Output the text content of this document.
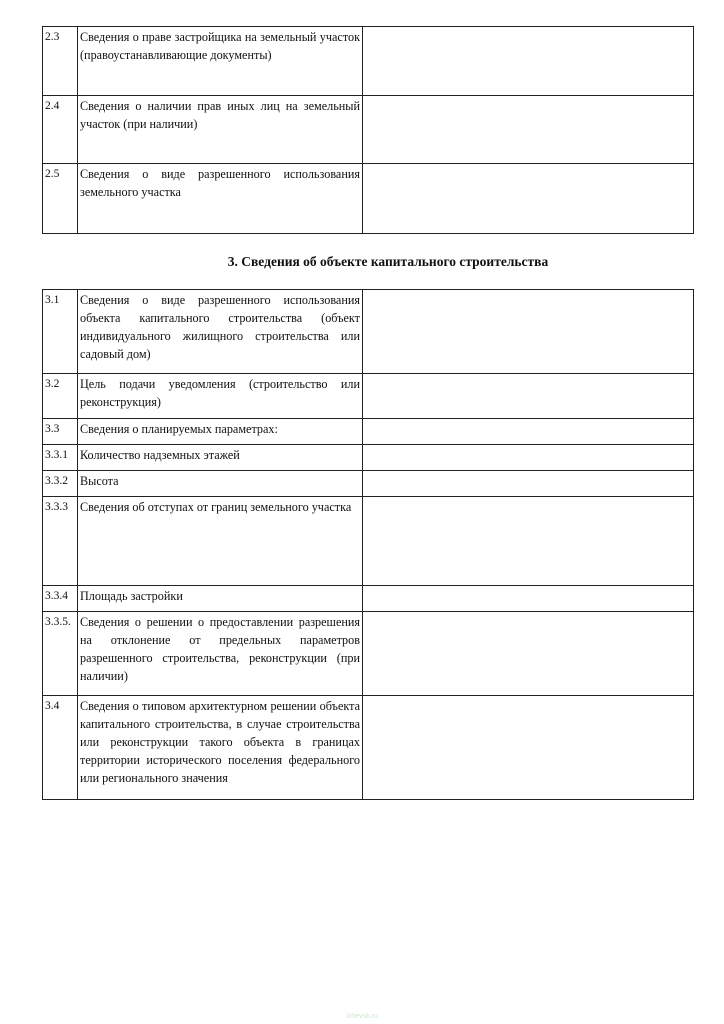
2.3	Сведения о праве застройщика на земельный участок (правоустанавливающие документы)	
2.4	Сведения о наличии прав иных лиц на земельный участок (при наличии)	
2.5	Сведения о виде разрешенного использования земельного участка	
3. Сведения об объекте капитального строительства
3.1	Сведения о виде разрешенного использования объекта капитального строительства (объект индивидуального жилищного строительства или садовый дом)	
3.2	Цель подачи уведомления (строительство или реконструкция)	
3.3	Сведения о планируемых параметрах:	
3.3.1	Количество надземных этажей	
3.3.2	Высота	
3.3.3	Сведения об отступах от границ земельного участка	
3.3.4	Площадь застройки	
3.3.5.	Сведения о решении о предоставлении разрешения на отклонение от предельных параметров разрешенного строительства, реконструкции (при наличии)	
3.4	Сведения о типовом архитектурном решении объекта капитального строительства, в случае строительства или реконструкции такого объекта в границах территории исторического поселения федерального или регионального значения	
izhevsk.ru
